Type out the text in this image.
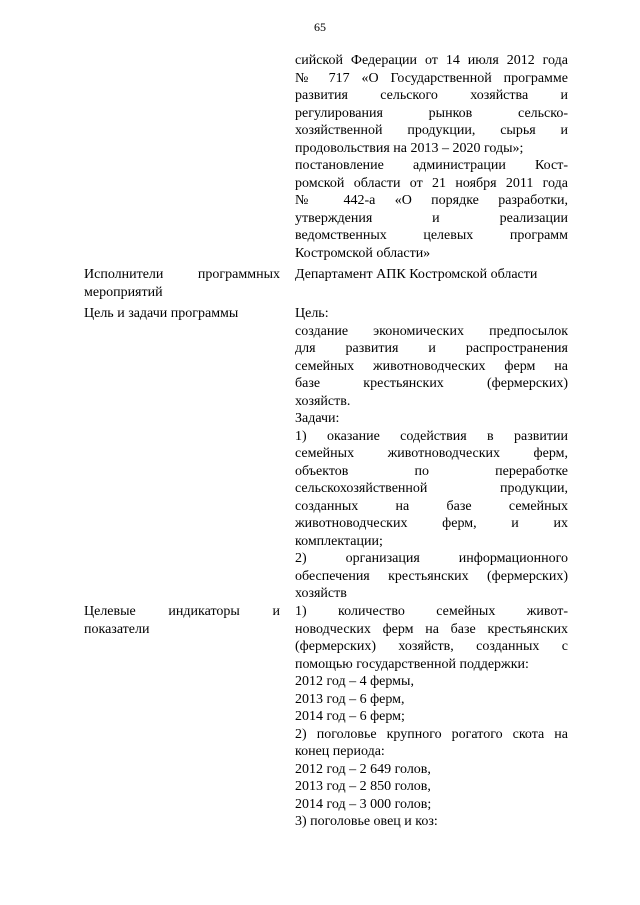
65
сийской Федерации от 14 июля 2012 года
№ 717 «О Государственной программе
развития сельского хозяйства и
регулирования рынков сельско-
хозяйственной продукции, сырья и
продовольствия на 2013 – 2020 годы»;
постановление администрации Кост-
ромской области от 21 ноября 2011 года
№ 442-а «О порядке разработки,
утверждения и реализации
ведомственных целевых программ
Костромской области»
Исполнители программных
мероприятий
Департамент АПК Костромской области
Цель и задачи программы	Цель:
создание экономических предпосылок
для развития и распространения
семейных животноводческих ферм на
базе крестьянских (фермерских)
хозяйств.
Задачи:
1) оказание содействия в развитии
семейных животноводческих ферм,
объектов по переработке
сельскохозяйственной продукции,
созданных на базе семейных
животноводческих ферм, и их
комплектации;
2) организация информационного
обеспечения крестьянских (фермерских)
хозяйств
Целевые индикаторы и
показатели
1) количество семейных живот-
новодческих ферм на базе крестьянских
(фермерских) хозяйств, созданных с
помощью государственной поддержки:
2012 год – 4 фермы,
2013 год – 6 ферм,
2014 год – 6 ферм;
2) поголовье крупного рогатого скота на
конец периода:
2012 год – 2 649 голов,
2013 год – 2 850 голов,
2014 год – 3 000 голов;
3) поголовье овец и коз:
